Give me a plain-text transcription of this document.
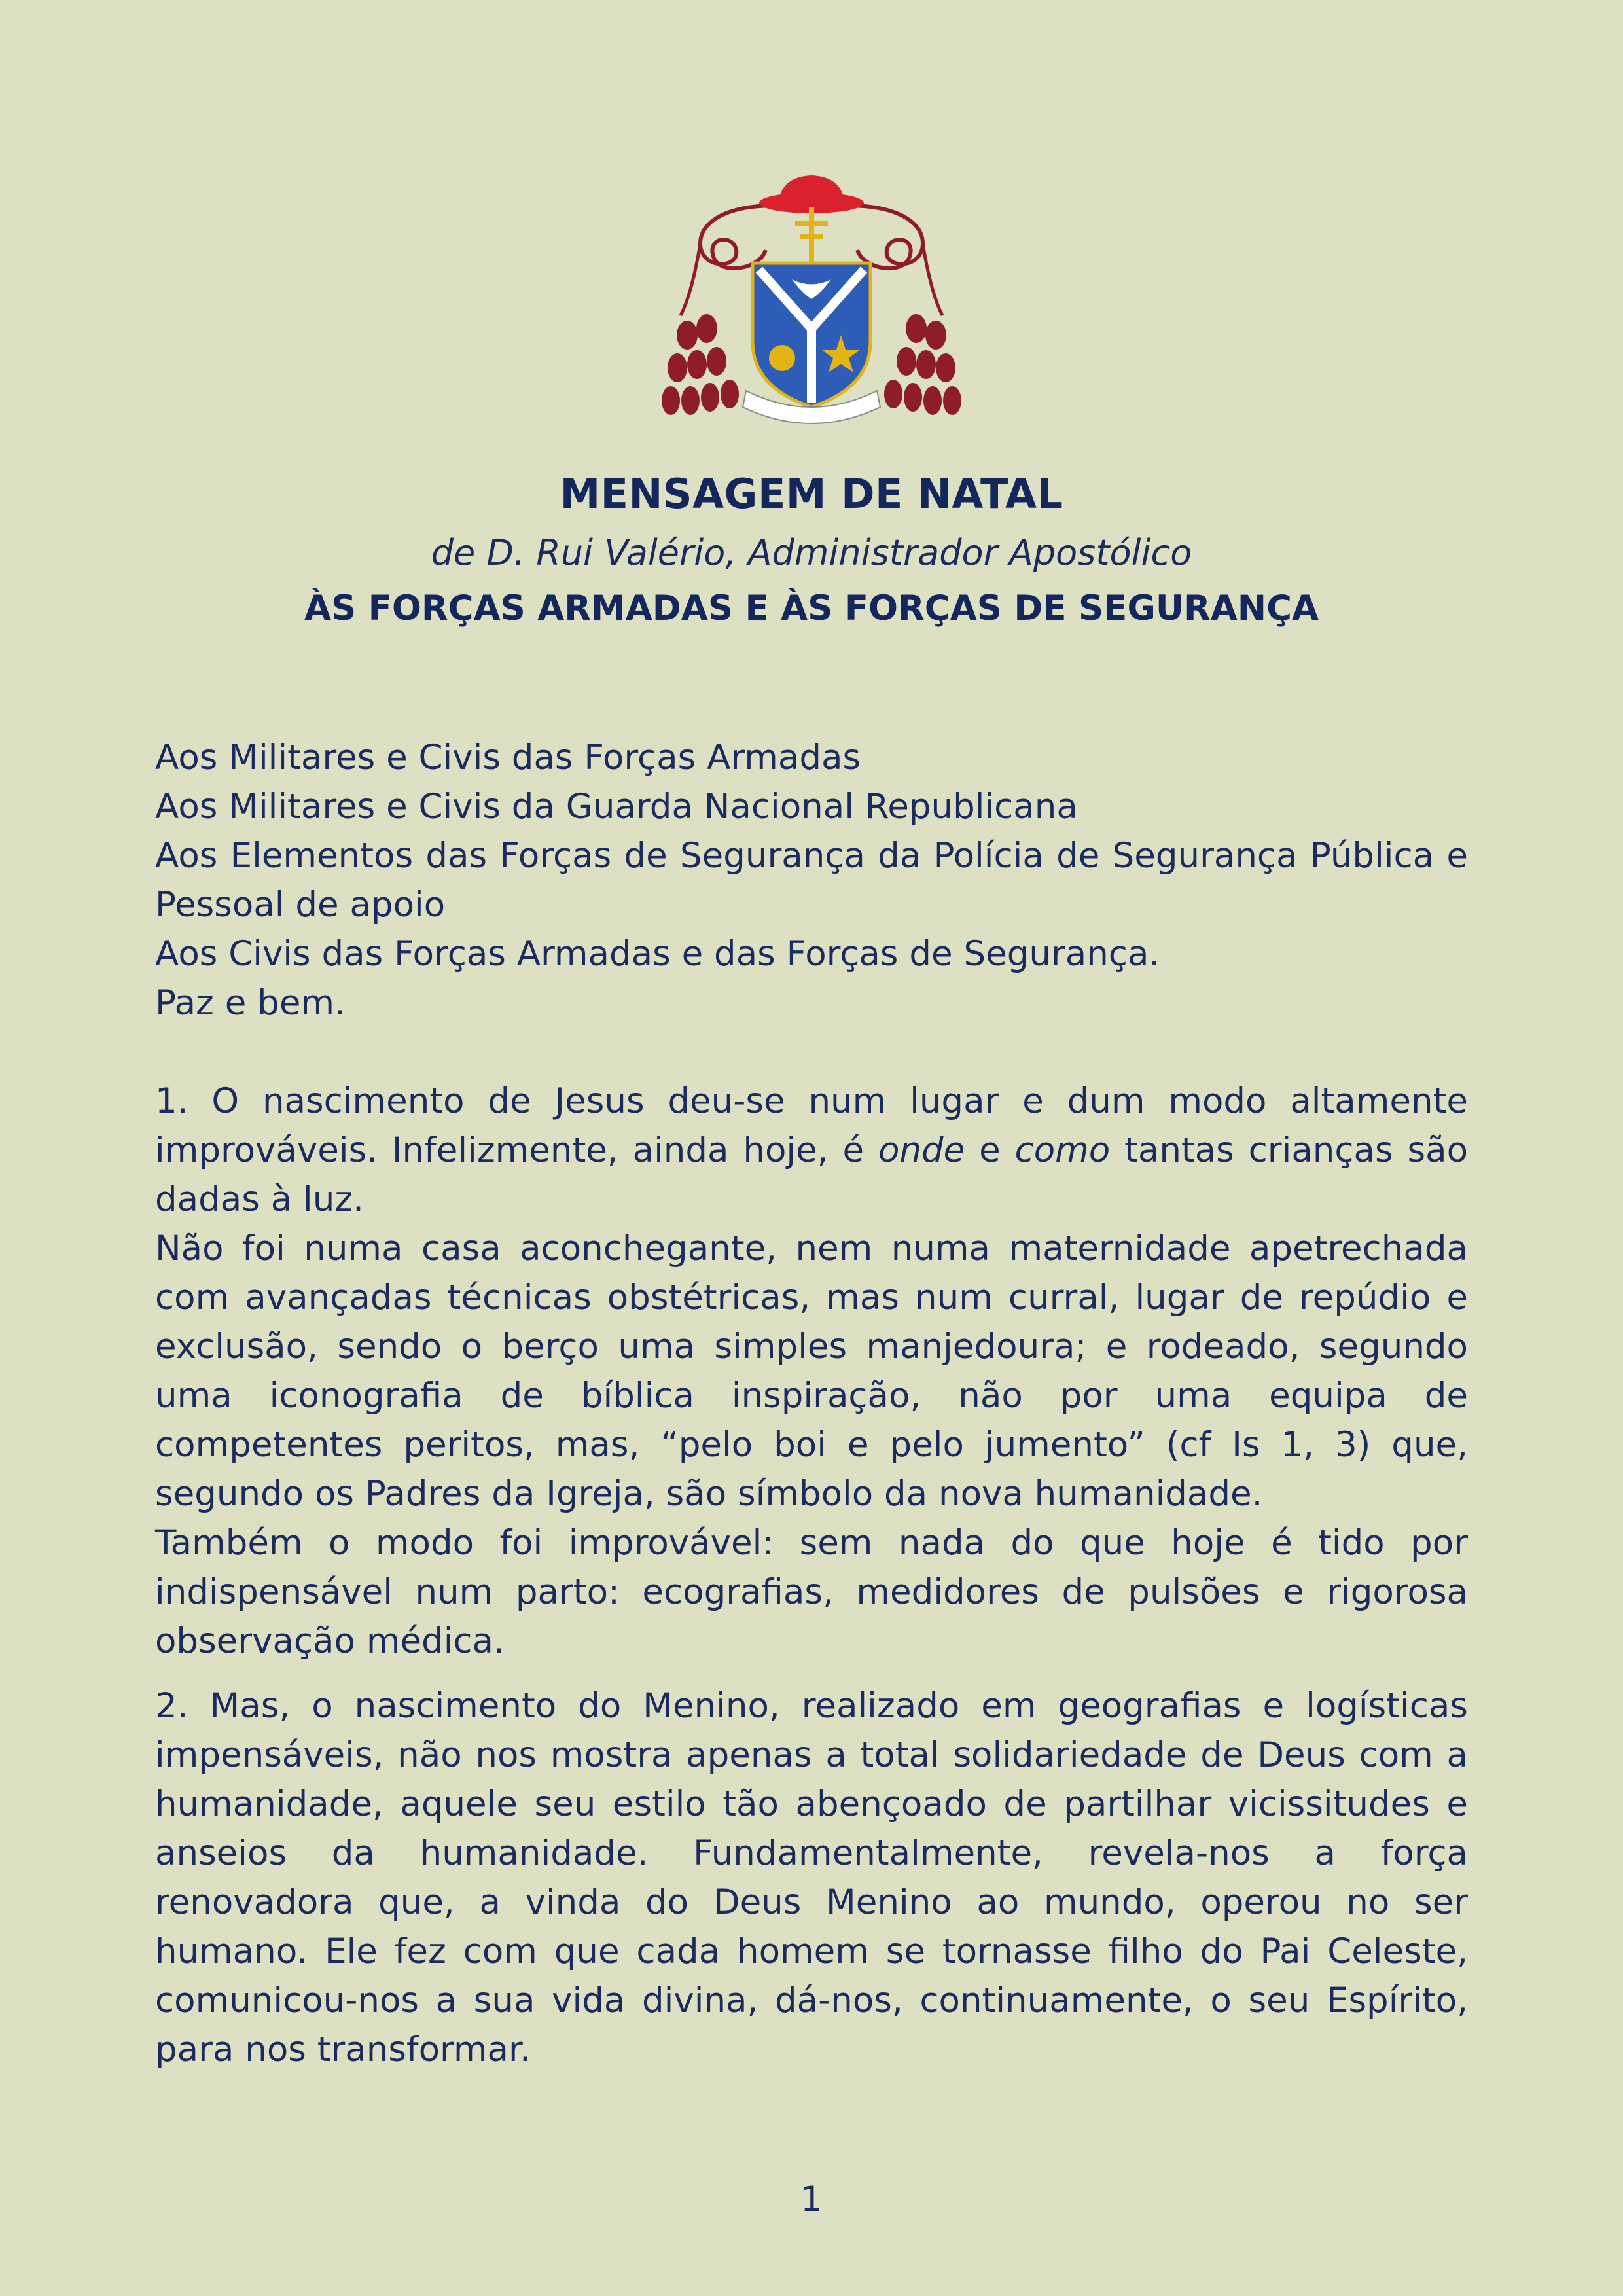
MENSAGEM DE NATAL

de D. Rui Valério, Administrador Apostólico

ÀS FORÇAS ARMADAS E ÀS FORÇAS DE SEGURANÇA

Aos Militares e Civis das Forças Armadas

Aos Militares e Civis da Guarda Nacional Republicana

Aos Elementos das Forças de Segurança da Polícia de Segurança Pública e Pessoal de apoio

Aos Civis das Forças Armadas e das Forças de Segurança.

Paz e bem.

1. O nascimento de Jesus deu-se num lugar e dum modo altamente improváveis. Infelizmente, ainda hoje, é onde e como tantas crianças são dadas à luz.

Não foi numa casa aconchegante, nem numa maternidade apetrechada com avançadas técnicas obstétricas, mas num curral, lugar de repúdio e exclusão, sendo o berço uma simples manjedoura; e rodeado, segundo uma iconografia de bíblica inspiração, não por uma equipa de competentes peritos, mas, “pelo boi e pelo jumento” (cf Is 1, 3) que, segundo os Padres da Igreja, são símbolo da nova humanidade.

Também o modo foi improvável: sem nada do que hoje é tido por indispensável num parto: ecografias, medidores de pulsões e rigorosa observação médica.

2. Mas, o nascimento do Menino, realizado em geografias e logísticas impensáveis, não nos mostra apenas a total solidariedade de Deus com a humanidade, aquele seu estilo tão abençoado de partilhar vicissitudes e anseios da humanidade. Fundamentalmente, revela-nos a força renovadora que, a vinda do Deus Menino ao mundo, operou no ser humano. Ele fez com que cada homem se tornasse filho do Pai Celeste, comunicou-nos a sua vida divina, dá-nos, continuamente, o seu Espírito, para nos transformar.

1
